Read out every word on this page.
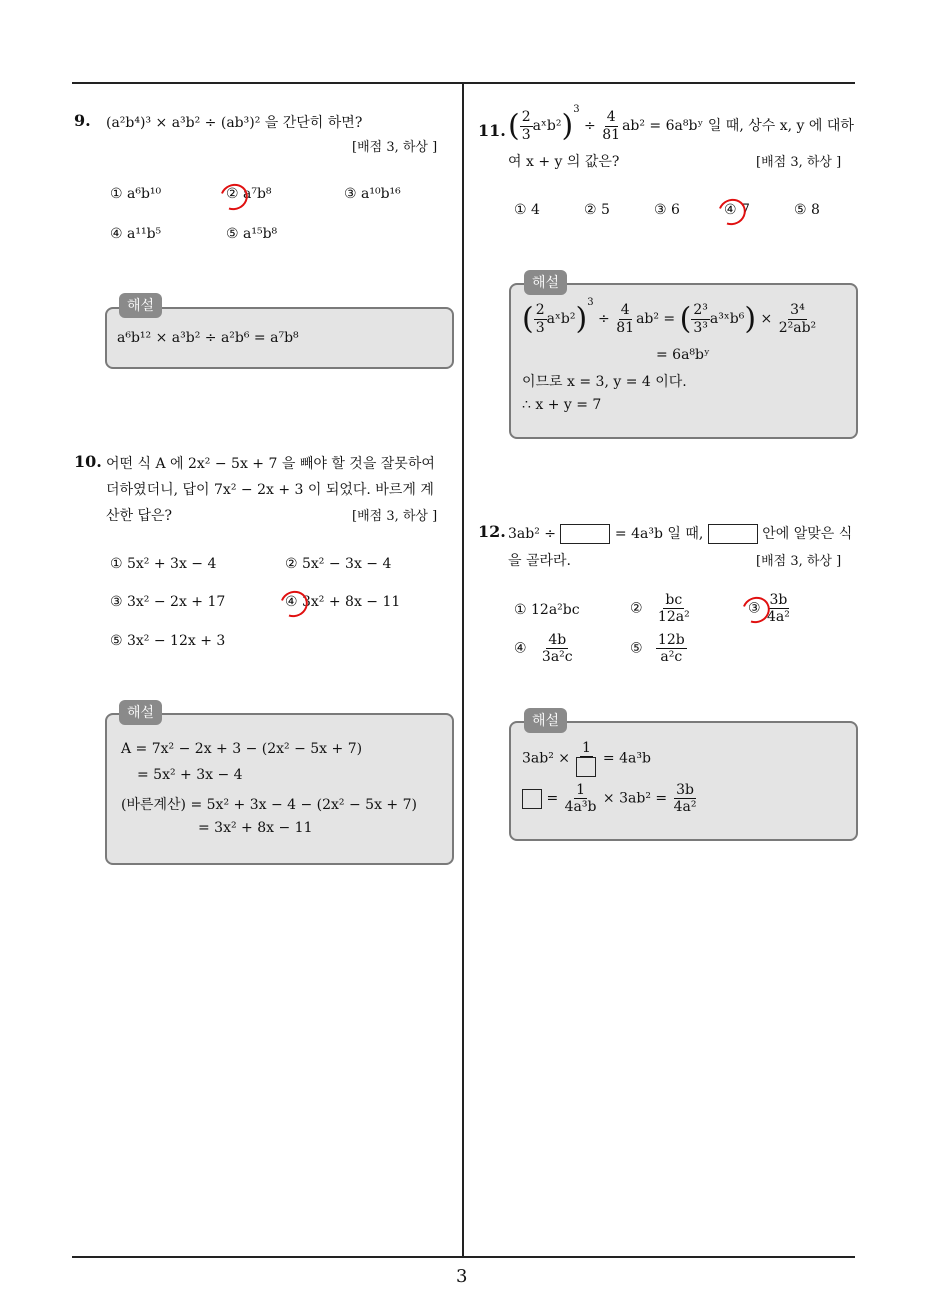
3
9. (a²b⁴)³ × a³b² ÷ (ab³)² 을 간단히 하면?
[배점 3, 하상 ]
① a⁶b¹⁰	② a⁷b⁸	③ a¹⁰b¹⁶
④ a¹¹b⁵	⑤ a¹⁵b⁸
해설
a⁶b¹² × a³b² ÷ a²b⁶ = a⁷b⁸
10. 어떤 식 A 에 2x² − 5x + 7 을 빼야 할 것을 잘못하여
더하였더니, 답이 7x² − 2x + 3 이 되었다. 바르게 계
산한 답은?	[배점 3, 하상 ]
① 5x² + 3x − 4	② 5x² − 3x − 4
③ 3x² − 2x + 17	④ 3x² + 8x − 11
⑤ 3x² − 12x + 3
해설
A = 7x² − 2x + 3 − (2x² − 5x + 7)
= 5x² + 3x − 4
(바른계산) = 5x² + 3x − 4 − (2x² − 5x + 7)
= 3x² + 8x − 11
11. ( $\frac{2}{3}$ aˣb²)$^3$ ÷ $\frac{4}{81} ab^2$ = 6a⁸bʸ 일 때, 상수 x, y 에 대하
여 x + y 의 값은?	[배점 3, 하상 ]
① 4	② 5	③ 6	④ 7	⑤ 8
해설
( $\frac{2}{3}$ aˣb²)$^3$ ÷ $\frac{4}{81} ab^2$ = ( $\frac{\text{2³}}{\text{3³}}$ a³ˣb⁶) × $\frac{\text{3⁴}}{\text{2²ab²}}$
= 6a⁸bʸ
이므로 x = 3, y = 4 이다.
∴ x + y = 7
12. 3ab² ÷	= 4a³b 일 때,	안에 알맞은 식
을 골라라.	[배점 3, 하상 ]
① 12a²bc	② $\frac{bc}{\text{12a²}}$	③ $\frac{3b}{\text{4a²}}$
④ $\frac{4b}{\text{3a²c}}$	⑤ $\frac{12b}{\text{a²c}}$
해설
3ab² ×
1
= 4a³b
= $\frac{1}{\text{4a³b}} \times 3ab^2 = \frac{3b}{\text{4a²}}$
